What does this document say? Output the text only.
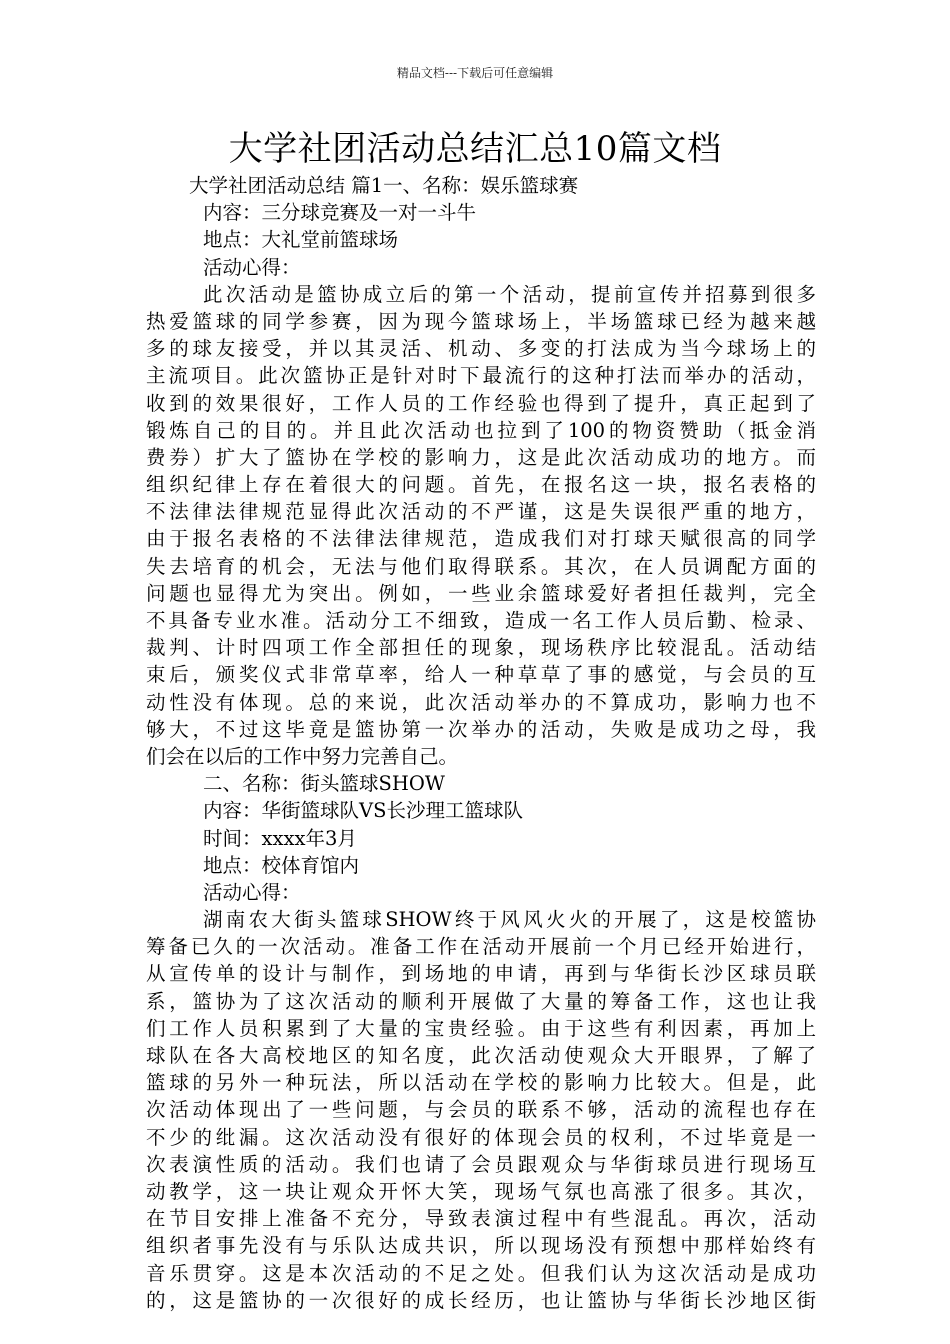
精品文档---下载后可任意编辑
大学社团活动总结汇总10篇文档
大学社团活动总结 篇1一、名称：娱乐篮球赛
内容：三分球竞赛及一对一斗牛
地点：大礼堂前篮球场
活动心得：
此次活动是篮协成立后的第一个活动，提前宣传并招募到很多
热爱篮球的同学参赛，因为现今篮球场上，半场篮球已经为越来越
多的球友接受，并以其灵活、机动、多变的打法成为当今球场上的
主流项目。此次篮协正是针对时下最流行的这种打法而举办的活动，
收到的效果很好，工作人员的工作经验也得到了提升，真正起到了
锻炼自己的目的。并且此次活动也拉到了100的物资赞助（抵金消
费券）扩大了篮协在学校的影响力，这是此次活动成功的地方。而
组织纪律上存在着很大的问题。首先，在报名这一块，报名表格的
不法律法律规范显得此次活动的不严谨，这是失误很严重的地方，
由于报名表格的不法律法律规范，造成我们对打球天赋很高的同学
失去培育的机会，无法与他们取得联系。其次，在人员调配方面的
问题也显得尤为突出。例如，一些业余篮球爱好者担任裁判，完全
不具备专业水准。活动分工不细致，造成一名工作人员后勤、检录、
裁判、计时四项工作全部担任的现象，现场秩序比较混乱。活动结
束后，颁奖仪式非常草率，给人一种草草了事的感觉，与会员的互
动性没有体现。总的来说，此次活动举办的不算成功，影响力也不
够大，不过这毕竟是篮协第一次举办的活动，失败是成功之母，我
们会在以后的工作中努力完善自己。
二、名称：街头篮球SHOW
内容：华街篮球队VS长沙理工篮球队
时间：xxxx年3月
地点：校体育馆内
活动心得：
湖南农大街头篮球SHOW终于风风火火的开展了，这是校篮协
筹备已久的一次活动。准备工作在活动开展前一个月已经开始进行，
从宣传单的设计与制作，到场地的申请，再到与华街长沙区球员联
系，篮协为了这次活动的顺利开展做了大量的筹备工作，这也让我
们工作人员积累到了大量的宝贵经验。由于这些有利因素，再加上
球队在各大高校地区的知名度，此次活动使观众大开眼界，了解了
篮球的另外一种玩法，所以活动在学校的影响力比较大。但是，此
次活动体现出了一些问题，与会员的联系不够，活动的流程也存在
不少的纰漏。这次活动没有很好的体现会员的权利，不过毕竟是一
次表演性质的活动。我们也请了会员跟观众与华街球员进行现场互
动教学，这一块让观众开怀大笑，现场气氛也高涨了很多。其次，
在节目安排上准备不充分，导致表演过程中有些混乱。再次，活动
组织者事先没有与乐队达成共识，所以现场没有预想中那样始终有
音乐贯穿。这是本次活动的不足之处。但我们认为这次活动是成功
的，这是篮协的一次很好的成长经历，也让篮协与华街长沙地区街
